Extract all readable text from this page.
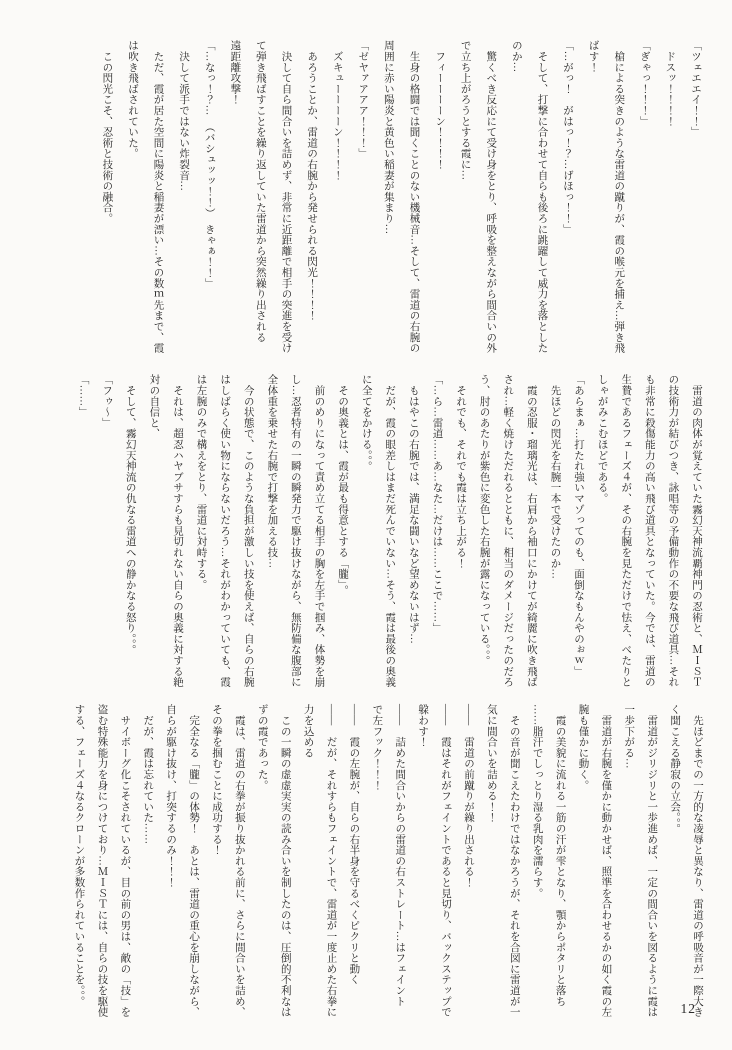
「ツェエエイ！！」

　ドスッ！！！！

「ぎゃっ！！！」

　槍による突きのような雷道の蹴りが、霞の喉元を捕え…弾き飛

ばす！

「…がっ！　がはっ！？…げほっ！！」

　そして、打撃に合わせて自らも後ろに跳躍して威力を落とした

のか…

　驚くべき反応にて受け身をとり、呼吸を整えながら間合いの外

で立ち上がろうとする霞に…

　フィーーーーン！！！！

　生身の格闘では聞くことのない機械音…そして、雷道の右腕の

周囲に赤い陽炎と黄色い稲妻が集まり…

「ゼヤァアアア！！！」

　ズキューーーーン！！！！

　あろうことか、雷道の右腕から発せられる閃光！！！！

　決して自ら間合いを詰めず、非常に近距離で相手の突進を受け

て弾き飛ばすことを繰り返していた雷道から突然繰り出される

遠距離攻撃！

「…なっ！？…　（バシュッッ！！）　きゃぁ！！」

　決して派手ではない炸裂音…

　ただ、霞が居た空間に陽炎と稲妻が漂い…その数ｍ先まで、霞

は吹き飛ばされていた。

　この閃光こそ、忍術と技術の融合。

　雷道の肉体が覚えていた霧幻天神流覇神門の忍術と、ＭＩＳＴ

の技術力が結びつき、詠唱等の予備動作の不要な飛び道具…それ

も非常に殺傷能力の高い飛び道具となっていた。今では、雷道の

生贄であるフェーズ４が、その右腕を見ただけで怯え、べたりと

しゃがみこむほどである。

「あらまぁ…打たれ強いマゾってのも、面倒なもんやのぉｗ」

　先ほどの閃光を右腕一本で受けたのか…

　霞の忍服・瑠璃光は、右肩から袖口にかけてが綺麗に吹き飛ば

され…軽く焼けただれるとともに、相当のダメージだったのだろ

う、肘のあたりが紫色に変色した右腕が露になっている。。。

　それでも、それでも霞は立ち上がる！

「…ら…雷道……あ…なた…だけは……ここで……」

　もはやこの右腕では、満足な闘いなど望めないはず…

　だが、霞の眼差しはまだ死んでいない…そう、霞は最後の奥義

に全てをかける。。。

　その奥義とは、霞が最も得意とする「朧」。

　前のめりになって責め立てる相手の胸を左手で掴み、体勢を崩

し…忍者特有の一瞬の瞬発力で駆け抜けながら、無防備な腹部に

全体重を乗せた右腕で打撃を加える技…

　今の状態で、このような負担が激しい技を使えば、自らの右腕

はしばらく使い物にならないだろう…それがわかっていても、霞

は左腕のみで構えをとり、雷道に対峙する。

　それは、超忍ハヤブサすらも見切れない自らの奥義に対する絶

対の自信と、

　そして、霧幻天神流の仇なる雷道への静かなる怒り。。。

「フゥ〜」

「……」

　先ほどまでの一方的な凌辱と異なり、雷道の呼吸音が一際大き

く聞こえる静寂の立会。。。

　雷道がジリジリと一歩進めば、一定の間合いを図るように霞は

一歩下がる…

　雷道が右腕を僅かに動かせば、照準を合わせるかの如く霞の左

腕も僅かに動く。

　霞の美貌に流れる一筋の汗が雫となり、顎からポタリと落ち

……脂汗でしっとり湿る乳肉を濡らす。

　その音が聞こえたわけではなかろうが、それを合図に雷道が一

気に間合いを詰める！！

――　雷道の前蹴りが繰り出される！

――　霞はそれがフェイントであると見切り、バックステップで

躱わす！

――　詰めた間合いからの雷道の右ストレート…はフェイント

で左フック！！！

――　霞の左腕が、自らの右半身を守るべくピクリと動く

――　だが、それすらもフェイントで、雷道が一度止めた右拳に

力を込める

　この一瞬の虚虚実実の読み合いを制したのは、圧倒的不利なは

ずの霞であった。

　霞は、雷道の右拳が振り抜かれる前に、さらに間合いを詰め、

その拳を掴むことに成功する！

　完全なる「朧」の体勢！　あとは、雷道の重心を崩しながら、

自らが駆け抜け、打突するのみ！！！

　だが、霞は忘れていた……

　サイボーグ化こそされているが、目の前の男は、敵の「技」を

盗む特殊能力を身につけており…ＭＩＳＴには、自らの技を駆使

する、フェーズ４なるクローンが多数作られていることを。。。

12
